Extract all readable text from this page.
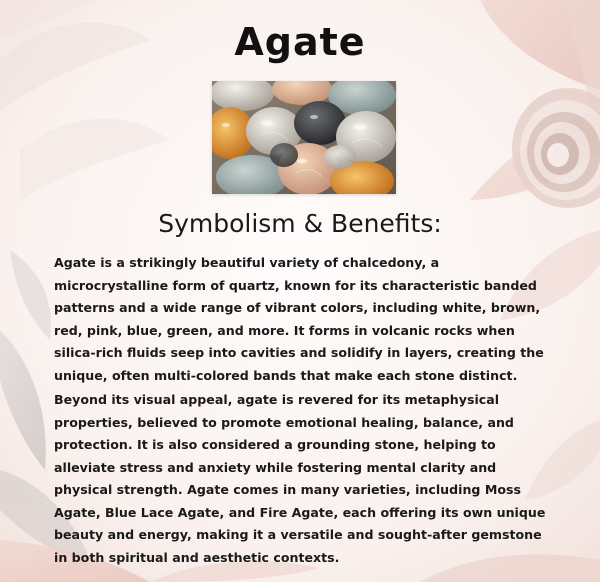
Agate
Symbolism & Benefits:

Agate is a strikingly beautiful variety of chalcedony, a microcrystalline form of quartz, known for its characteristic banded patterns and a wide range of vibrant colors, including white, brown, red, pink, blue, green, and more. It forms in volcanic rocks when silica-rich fluids seep into cavities and solidify in layers, creating the unique, often multi-colored bands that make each stone distinct.

Beyond its visual appeal, agate is revered for its metaphysical properties, believed to promote emotional healing, balance, and protection. It is also considered a grounding stone, helping to alleviate stress and anxiety while fostering mental clarity and physical strength. Agate comes in many varieties, including Moss Agate, Blue Lace Agate, and Fire Agate, each offering its own unique beauty and energy, making it a versatile and sought-after gemstone in both spiritual and aesthetic contexts.
